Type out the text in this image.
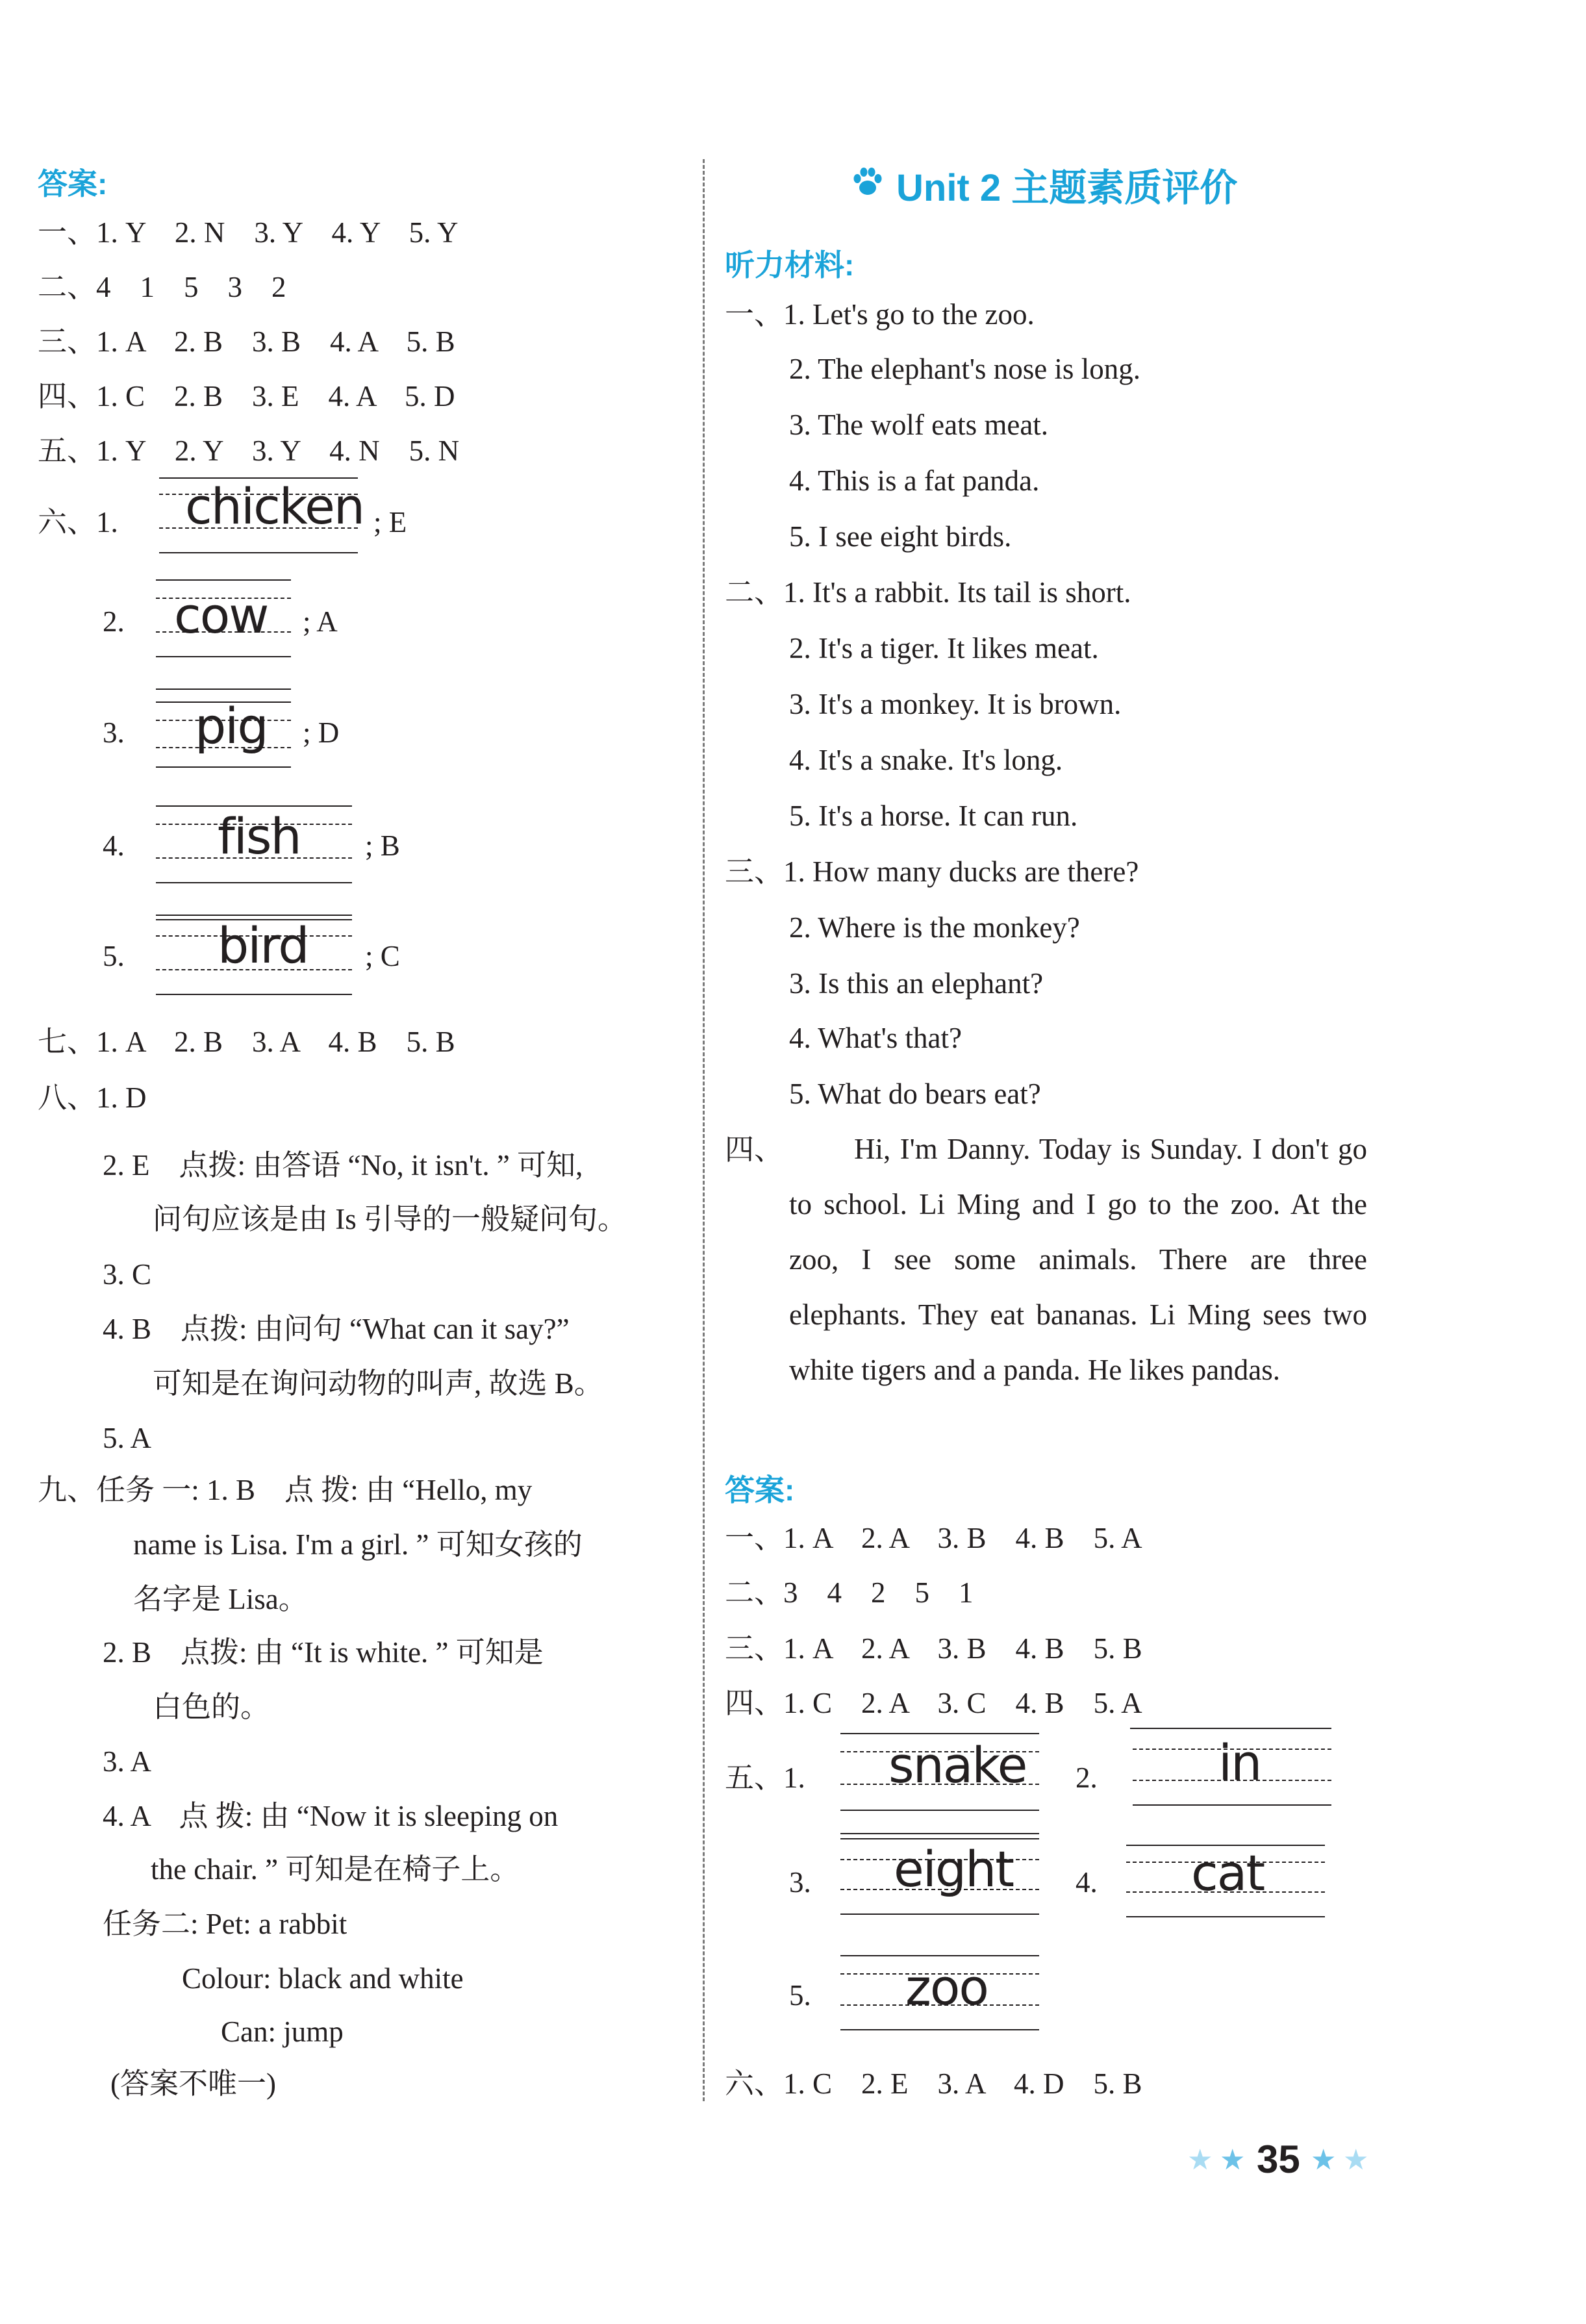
答案:
一、1. Y　2. N　3. Y　4. Y　5. Y
二、4　1　5　3　2
三、1. A　2. B　3. B　4. A　5. B
四、1. C　2. B　3. E　4. A　5. D
五、1. Y　2. Y　3. Y　4. N　5. N
六、1. chicken ; E
2. cow ; A
3. pig ; D
4. fish ; B
5. bird ; C
七、1. A　2. B　3. A　4. B　5. B
八、1. D
2. E　点拨: 由答语 “No, it isn't. ” 可知,
问句应该是由 Is 引导的一般疑问句。
3. C
4. B　点拨: 由问句 “What can it say?”
可知是在询问动物的叫声, 故选 B。
5. A
九、任务 一: 1. B　点 拨: 由 “Hello, my
name is Lisa. I'm a girl. ” 可知女孩的
名字是 Lisa。
2. B　点拨: 由 “It is white. ” 可知是
白色的。
3. A
4. A　点 拨: 由 “Now it is sleeping on
the chair. ” 可知是在椅子上。
任务二: Pet: a rabbit
Colour: black and white
Can: jump
(答案不唯一)
Unit 2 主题素质评价
听力材料:
一、1. Let's go to the zoo.
2. The elephant's nose is long.
3. The wolf eats meat.
4. This is a fat panda.
5. I see eight birds.
二、1. It's a rabbit. Its tail is short.
2. It's a tiger. It likes meat.
3. It's a monkey. It is brown.
4. It's a snake. It's long.
5. It's a horse. It can run.
三、1. How many ducks are there?
2. Where is the monkey?
3. Is this an elephant?
4. What's that?
5. What do bears eat?
四、	Hi, I'm Danny. Today is Sunday. I don't go to school. Li Ming and I go to the zoo. At the zoo, I see some animals. There are three elephants. They eat bananas. Li Ming sees two white tigers and a panda. He likes pandas.
答案:
一、1. A　2. A　3. B　4. B　5. A
二、3　4　2　5　1
三、1. A　2. A　3. B　4. B　5. B
四、1. C　2. A　3. C　4. B　5. A
五、1. snake 2. in
3. eight 4. cat
5. zoo
六、1. C　2. E　3. A　4. D　5. B
★ ★ 35 ★ ★
